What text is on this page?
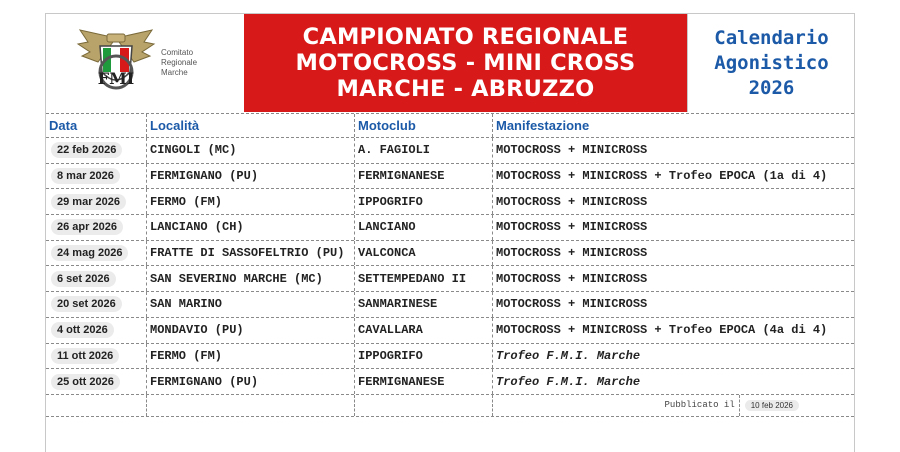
FMI
Comitato
Regionale
Marche
CAMPIONATO REGIONALE
MOTOCROSS - MINI CROSS
MARCHE - ABRUZZO
Calendario
Agonistico
2026
Data	Località	Motoclub	Manifestazione
22 feb 2026	CINGOLI (MC)	A. FAGIOLI	MOTOCROSS + MINICROSS
8 mar 2026	FERMIGNANO (PU)	FERMIGNANESE	MOTOCROSS + MINICROSS + Trofeo EPOCA (1a di 4)
29 mar 2026	FERMO (FM)	IPPOGRIFO	MOTOCROSS + MINICROSS
26 apr 2026	LANCIANO (CH)	LANCIANO	MOTOCROSS + MINICROSS
24 mag 2026	FRATTE DI SASSOFELTRIO (PU)	VALCONCA	MOTOCROSS + MINICROSS
6 set 2026	SAN SEVERINO MARCHE (MC)	SETTEMPEDANO II	MOTOCROSS + MINICROSS
20 set 2026	SAN MARINO	SANMARINESE	MOTOCROSS + MINICROSS
4 ott 2026	MONDAVIO (PU)	CAVALLARA	MOTOCROSS + MINICROSS + Trofeo EPOCA (4a di 4)
11 ott 2026	FERMO (FM)	IPPOGRIFO	Trofeo F.M.I. Marche
25 ott 2026	FERMIGNANO (PU)	FERMIGNANESE	Trofeo F.M.I. Marche
Pubblicato il	10 feb 2026
